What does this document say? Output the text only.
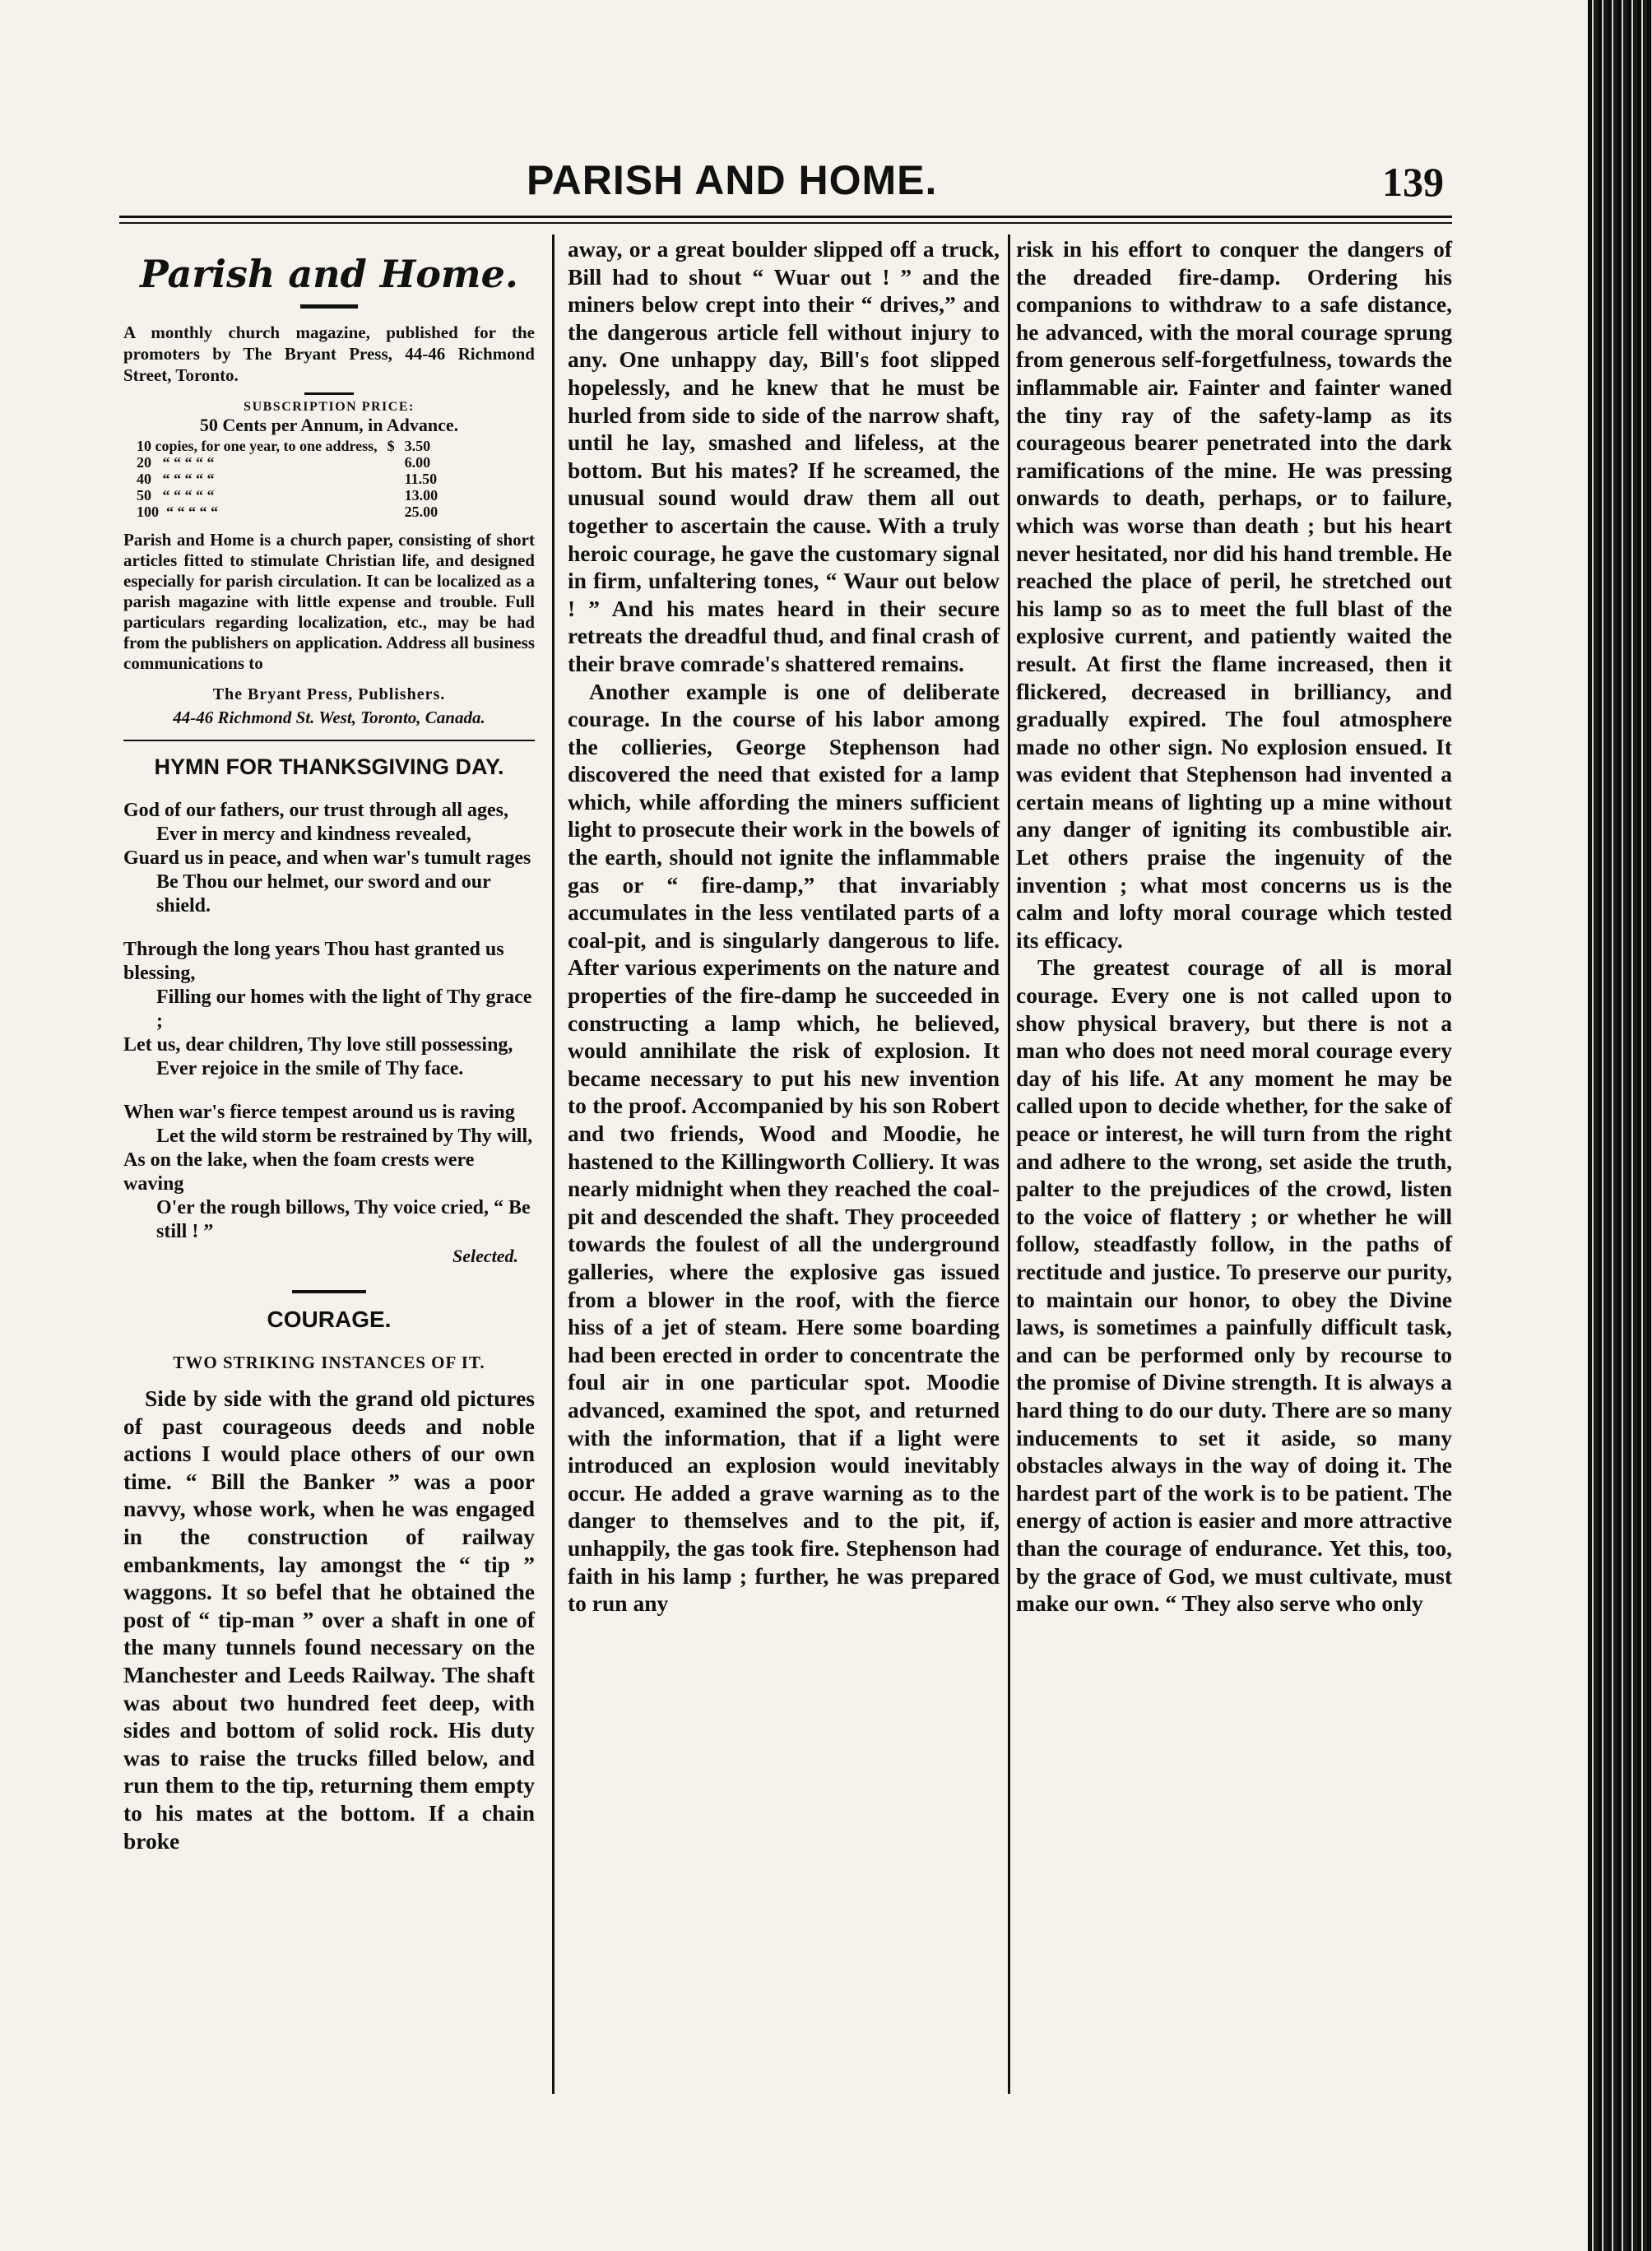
PARISH AND HOME.	139
Parish and Home.
A monthly church magazine, published for the promoters by The Bryant Press, 44-46 Richmond Street, Toronto.
SUBSCRIPTION PRICE:
50 Cents per Annum, in Advance.
10 copies, for one year, to one address,	$	3.50
20 “ “ “ “ “		6.00
40 “ “ “ “ “		11.50
50 “ “ “ “ “		13.00
100 “ “ “ “ “		25.00
Parish and Home is a church paper, consisting of short articles fitted to stimulate Christian life, and designed especially for parish circulation. It can be localized as a parish magazine with little expense and trouble. Full particulars regarding localization, etc., may be had from the publishers on application. Address all business communications to
The Bryant Press, Publishers.
44-46 Richmond St. West, Toronto, Canada.
HYMN FOR THANKSGIVING DAY.

God of our fathers, our trust through all ages,

Ever in mercy and kindness revealed,

Guard us in peace, and when war's tumult rages

Be Thou our helmet, our sword and our shield.

Through the long years Thou hast granted us blessing,

Filling our homes with the light of Thy grace ;

Let us, dear children, Thy love still possessing,

Ever rejoice in the smile of Thy face.

When war's fierce tempest around us is raving

Let the wild storm be restrained by Thy will,

As on the lake, when the foam crests were waving

O'er the rough billows, Thy voice cried, “ Be still ! ”

Selected.
COURAGE.
TWO STRIKING INSTANCES OF IT.

Side by side with the grand old pictures of past courageous deeds and noble actions I would place others of our own time. “ Bill the Banker ” was a poor navvy, whose work, when he was engaged in the construction of railway embankments, lay amongst the “ tip ” waggons. It so befel that he obtained the post of “ tip-man ” over a shaft in one of the many tunnels found necessary on the Manchester and Leeds Railway. The shaft was about two hundred feet deep, with sides and bottom of solid rock. His duty was to raise the trucks filled below, and run them to the tip, returning them empty to his mates at the bottom. If a chain broke

away, or a great boulder slipped off a truck, Bill had to shout “ Wuar out ! ” and the miners below crept into their “ drives,” and the dangerous article fell without injury to any. One unhappy day, Bill's foot slipped hopelessly, and he knew that he must be hurled from side to side of the narrow shaft, until he lay, smashed and lifeless, at the bottom. But his mates? If he screamed, the unusual sound would draw them all out together to ascertain the cause. With a truly heroic courage, he gave the customary signal in firm, unfaltering tones, “ Waur out below ! ” And his mates heard in their secure retreats the dreadful thud, and final crash of their brave comrade's shattered remains.

Another example is one of deliberate courage. In the course of his labor among the collieries, George Stephenson had discovered the need that existed for a lamp which, while affording the miners sufficient light to prosecute their work in the bowels of the earth, should not ignite the inflammable gas or “ fire-damp,” that invariably accumulates in the less ventilated parts of a coal-pit, and is singularly dangerous to life. After various experiments on the nature and properties of the fire-damp he succeeded in constructing a lamp which, he believed, would annihilate the risk of explosion. It became necessary to put his new invention to the proof. Accompanied by his son Robert and two friends, Wood and Moodie, he hastened to the Killingworth Colliery. It was nearly midnight when they reached the coal-pit and descended the shaft. They proceeded towards the foulest of all the underground galleries, where the explosive gas issued from a blower in the roof, with the fierce hiss of a jet of steam. Here some boarding had been erected in order to concentrate the foul air in one particular spot. Moodie advanced, examined the spot, and returned with the information, that if a light were introduced an explosion would inevitably occur. He added a grave warning as to the danger to themselves and to the pit, if, unhappily, the gas took fire. Stephenson had faith in his lamp ; further, he was prepared to run any

risk in his effort to conquer the dangers of the dreaded fire-damp. Ordering his companions to withdraw to a safe distance, he advanced, with the moral courage sprung from generous self-forgetfulness, towards the inflammable air. Fainter and fainter waned the tiny ray of the safety-lamp as its courageous bearer penetrated into the dark ramifications of the mine. He was pressing onwards to death, perhaps, or to failure, which was worse than death ; but his heart never hesitated, nor did his hand tremble. He reached the place of peril, he stretched out his lamp so as to meet the full blast of the explosive current, and patiently waited the result. At first the flame increased, then it flickered, decreased in brilliancy, and gradually expired. The foul atmosphere made no other sign. No explosion ensued. It was evident that Stephenson had invented a certain means of lighting up a mine without any danger of igniting its combustible air. Let others praise the ingenuity of the invention ; what most concerns us is the calm and lofty moral courage which tested its efficacy.

The greatest courage of all is moral courage. Every one is not called upon to show physical bravery, but there is not a man who does not need moral courage every day of his life. At any moment he may be called upon to decide whether, for the sake of peace or interest, he will turn from the right and adhere to the wrong, set aside the truth, palter to the prejudices of the crowd, listen to the voice of flattery ; or whether he will follow, steadfastly follow, in the paths of rectitude and justice. To preserve our purity, to maintain our honor, to obey the Divine laws, is sometimes a painfully difficult task, and can be performed only by recourse to the promise of Divine strength. It is always a hard thing to do our duty. There are so many inducements to set it aside, so many obstacles always in the way of doing it. The hardest part of the work is to be patient. The energy of action is easier and more attractive than the courage of endurance. Yet this, too, by the grace of God, we must cultivate, must make our own. “ They also serve who only
